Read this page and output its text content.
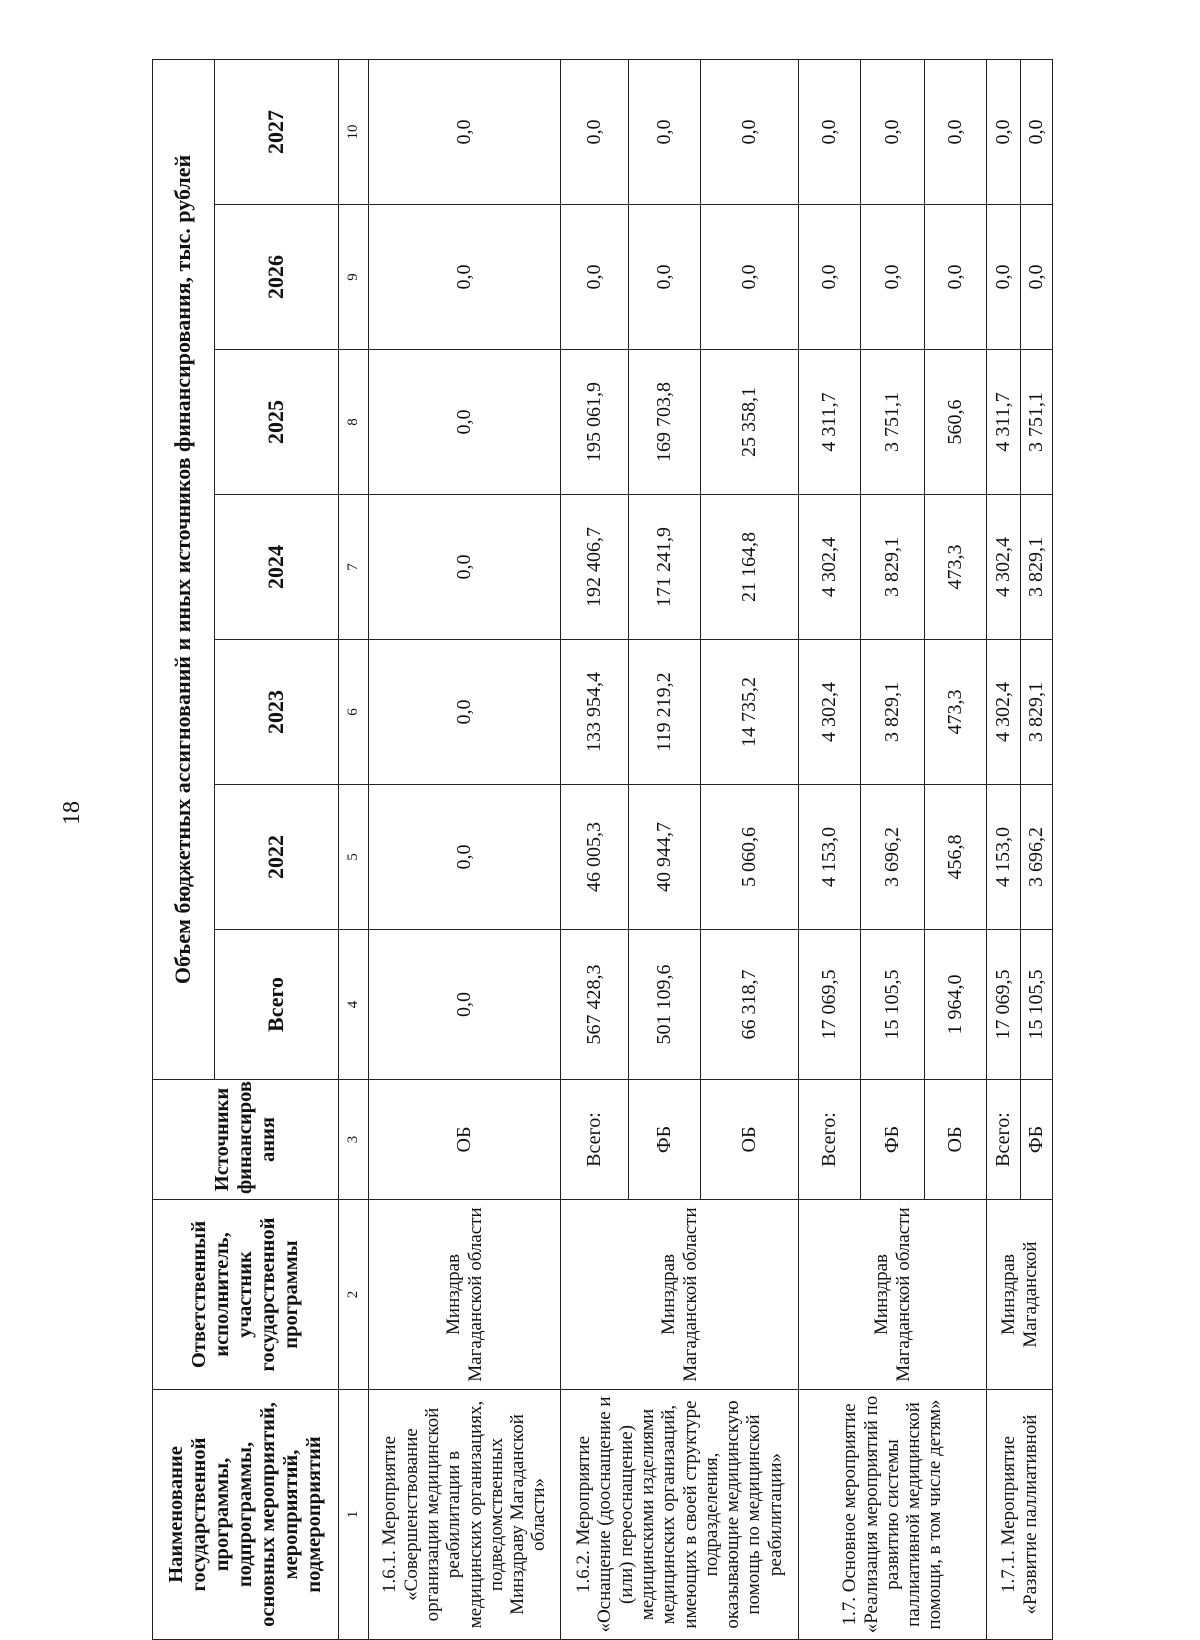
18
Наименование государственной программы, подпрограммы, основных мероприятий, мероприятий, подмероприятий	Ответственный исполнитель, участник государственной программы	Источники финансиров ания	Объем бюджетных ассигнований и иных источников финансирования, тыс. рублей						
			Всего	2022	2023	2024	2025	2026	2027
1	2	3	4	5	6	7	8	9	10
1.6.1. Мероприятие «Совершенствование организации медицинской реабилитации в медицинских организациях, подведомственных Минздраву Магаданской области»	Минздрав Магаданской области	ОБ	0,0	0,0	0,0	0,0	0,0	0,0	0,0
1.6.2. Мероприятие «Оснащение (дооснащение и (или) переоснащение) медицинскими изделиями медицинских организаций, имеющих в своей структуре подразделения, оказывающие медицинскую помощь по медицинской реабилитации»	Минздрав Магаданской области	Всего:	567 428,3	46 005,3	133 954,4	192 406,7	195 061,9	0,0	0,0
		ФБ	501 109,6	40 944,7	119 219,2	171 241,9	169 703,8	0,0	0,0
		ОБ	66 318,7	5 060,6	14 735,2	21 164,8	25 358,1	0,0	0,0
1.7. Основное мероприятие «Реализация мероприятий по развитию системы паллиативной медицинской помощи, в том числе детям»	Минздрав Магаданской области	Всего:	17 069,5	4 153,0	4 302,4	4 302,4	4 311,7	0,0	0,0
		ФБ	15 105,5	3 696,2	3 829,1	3 829,1	3 751,1	0,0	0,0
		ОБ	1 964,0	456,8	473,3	473,3	560,6	0,0	0,0
1.7.1. Мероприятие «Развитие паллиативной	Минздрав Магаданской	Всего:	17 069,5	4 153,0	4 302,4	4 302,4	4 311,7	0,0	0,0
		ФБ	15 105,5	3 696,2	3 829,1	3 829,1	3 751,1	0,0	0,0
